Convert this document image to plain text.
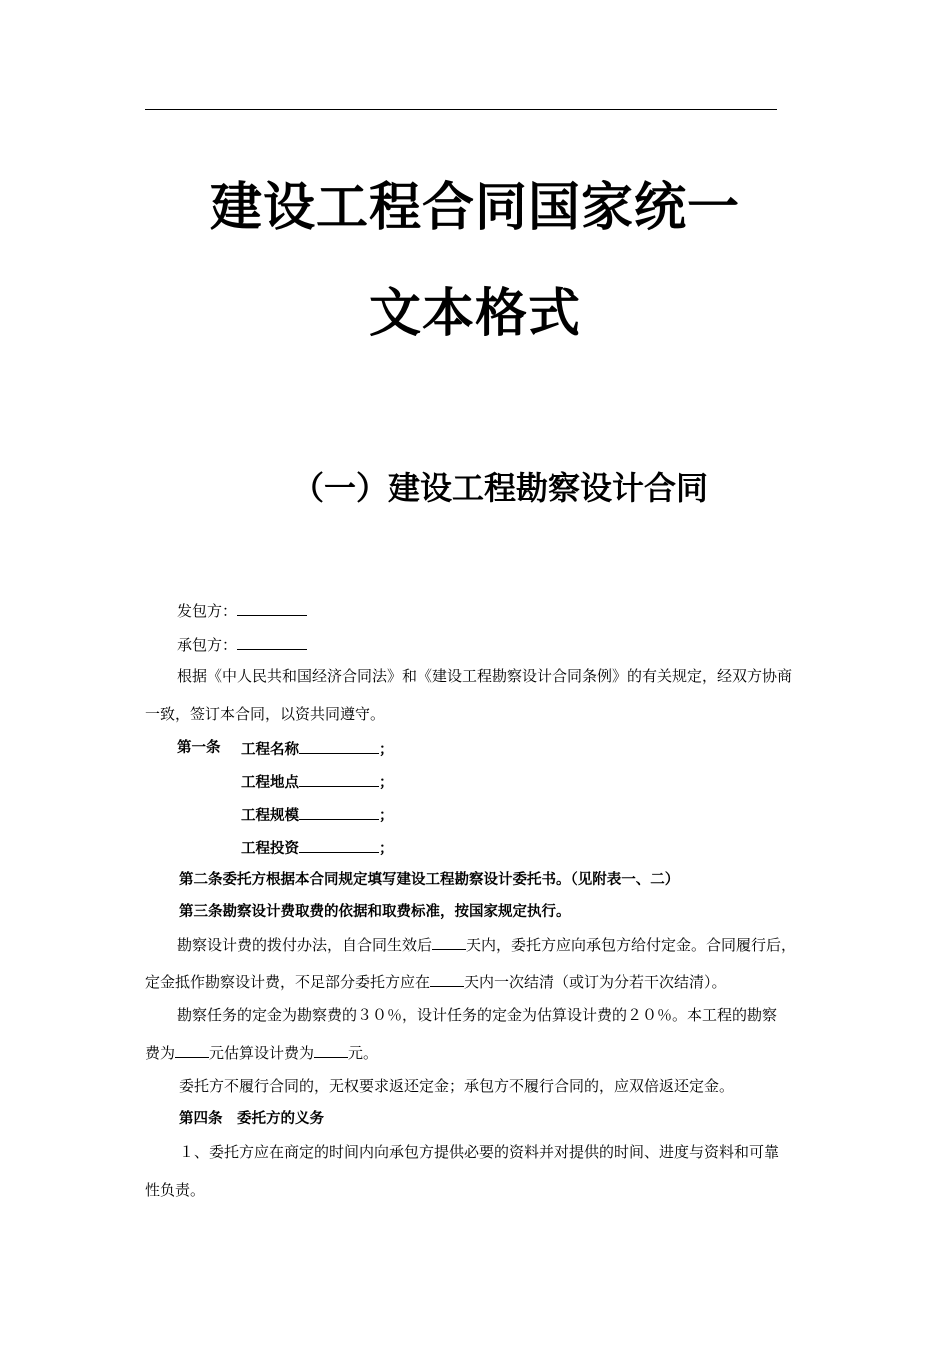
建设工程合同国家统一
文本格式
（一）建设工程勘察设计合同
发包方：
承包方：
根据《中人民共和国经济合同法》和《建设工程勘察设计合同条例》的有关规定，经双方协商
一致，签订本合同，以资共同遵守。
第一条 工程名称	；
工程地点	；
工程规模	；
工程投资	；
第二条委托方根据本合同规定填写建设工程勘察设计委托书。（见附表一、二）
第三条勘察设计费取费的依据和取费标准，按国家规定执行。
勘察设计费的拨付办法，自合同生效后 天内，委托方应向承包方给付定金。合同履行后，
定金抵作勘察设计费，不足部分委托方应在 天内一次结清（或订为分若干次结清）。
勘察任务的定金为勘察费的３０％，设计任务的定金为估算设计费的２０％。本工程的勘察
费为 元估算设计费为 元。
委托方不履行合同的，无权要求返还定金；承包方不履行合同的，应双倍返还定金。
第四条　委托方的义务
１、委托方应在商定的时间内向承包方提供必要的资料并对提供的时间、进度与资料和可靠
性负责。
